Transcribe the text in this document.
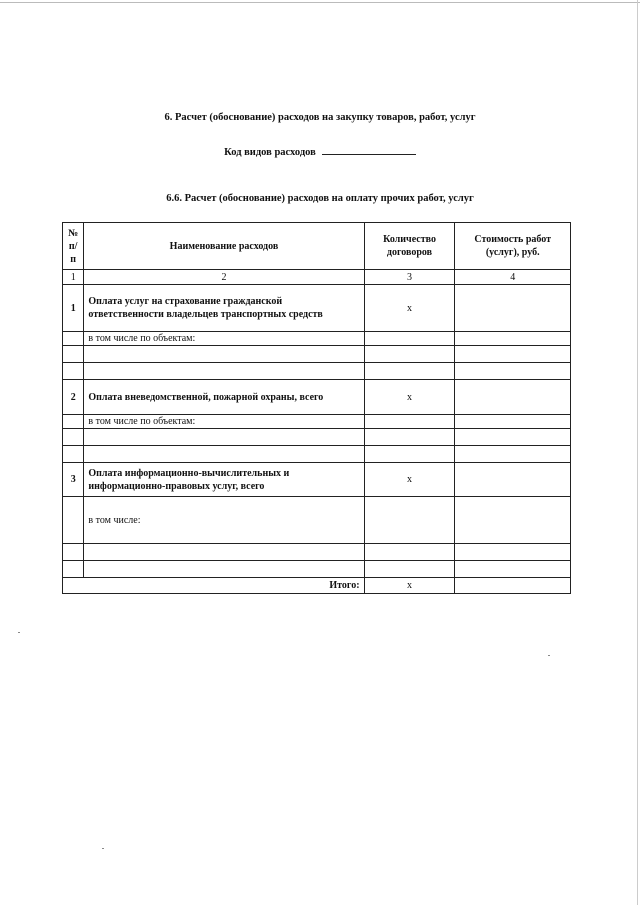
6. Расчет (обоснование) расходов на закупку товаров, работ, услуг
Код видов расходов
6.6. Расчет (обоснование) расходов на оплату прочих работ, услуг
№ п/п	Наименование расходов	Количество договоров	Стоимость работ (услуг), руб.
1	2	3	4
1	Оплата услуг на страхование гражданской ответственности владельцев транспортных средств	х	
	в том числе по объектам:		

2	Оплата вневедомственной, пожарной охраны, всего	х	
	в том числе по объектам:		

3	Оплата информационно-вычислительных и информационно-правовых услуг, всего	х	
	в том числе:		

Итого:		х	
